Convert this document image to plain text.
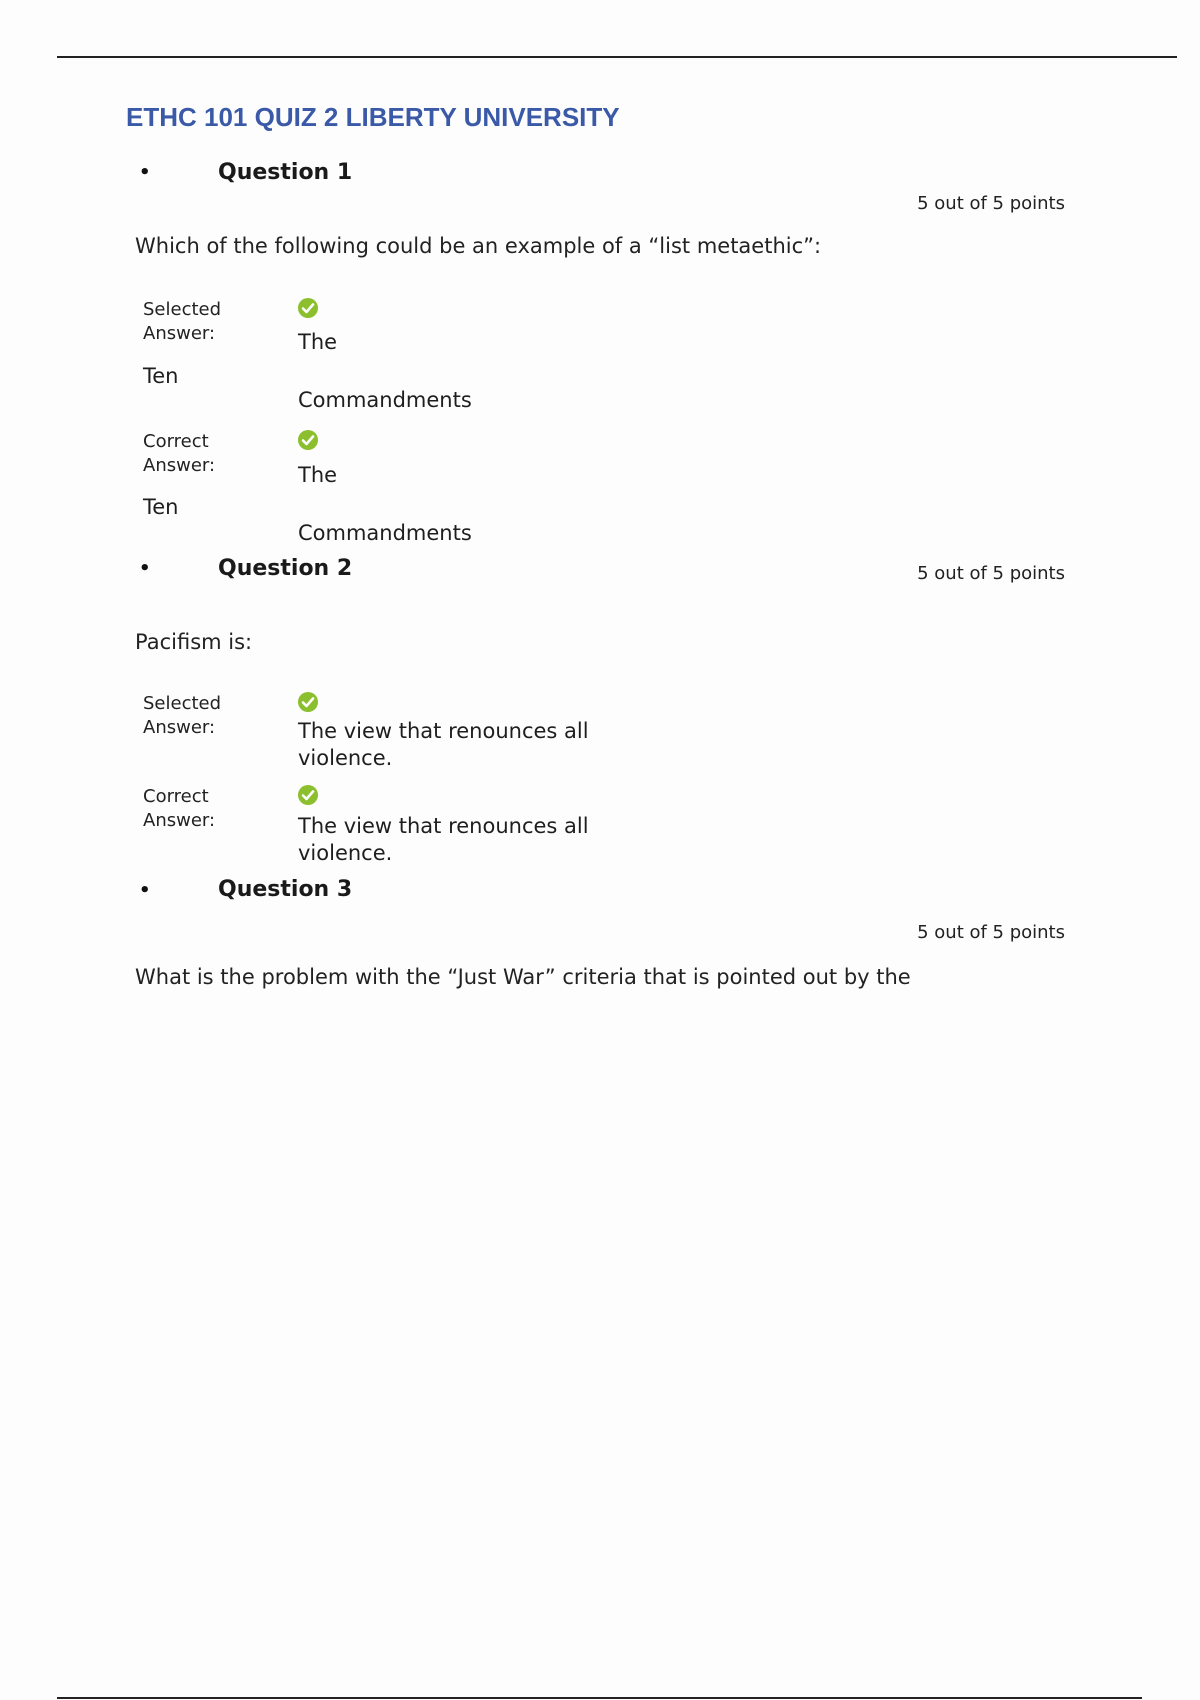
ETHC 101 QUIZ 2 LIBERTY UNIVERSITY
•	Question 1
5 out of 5 points
Which of the following could be an example of a “list metaethic”:
Selected
Answer:	The
Ten
Commandments
Correct
Answer:	The
Ten
Commandments
•	Question 2	5 out of 5 points
Pacifism is:
Selected
Answer:	The view that renounces all violence.
Correct
Answer:	The view that renounces all violence.
•	Question 3
5 out of 5 points
What is the problem with the “Just War” criteria that is pointed out by the
